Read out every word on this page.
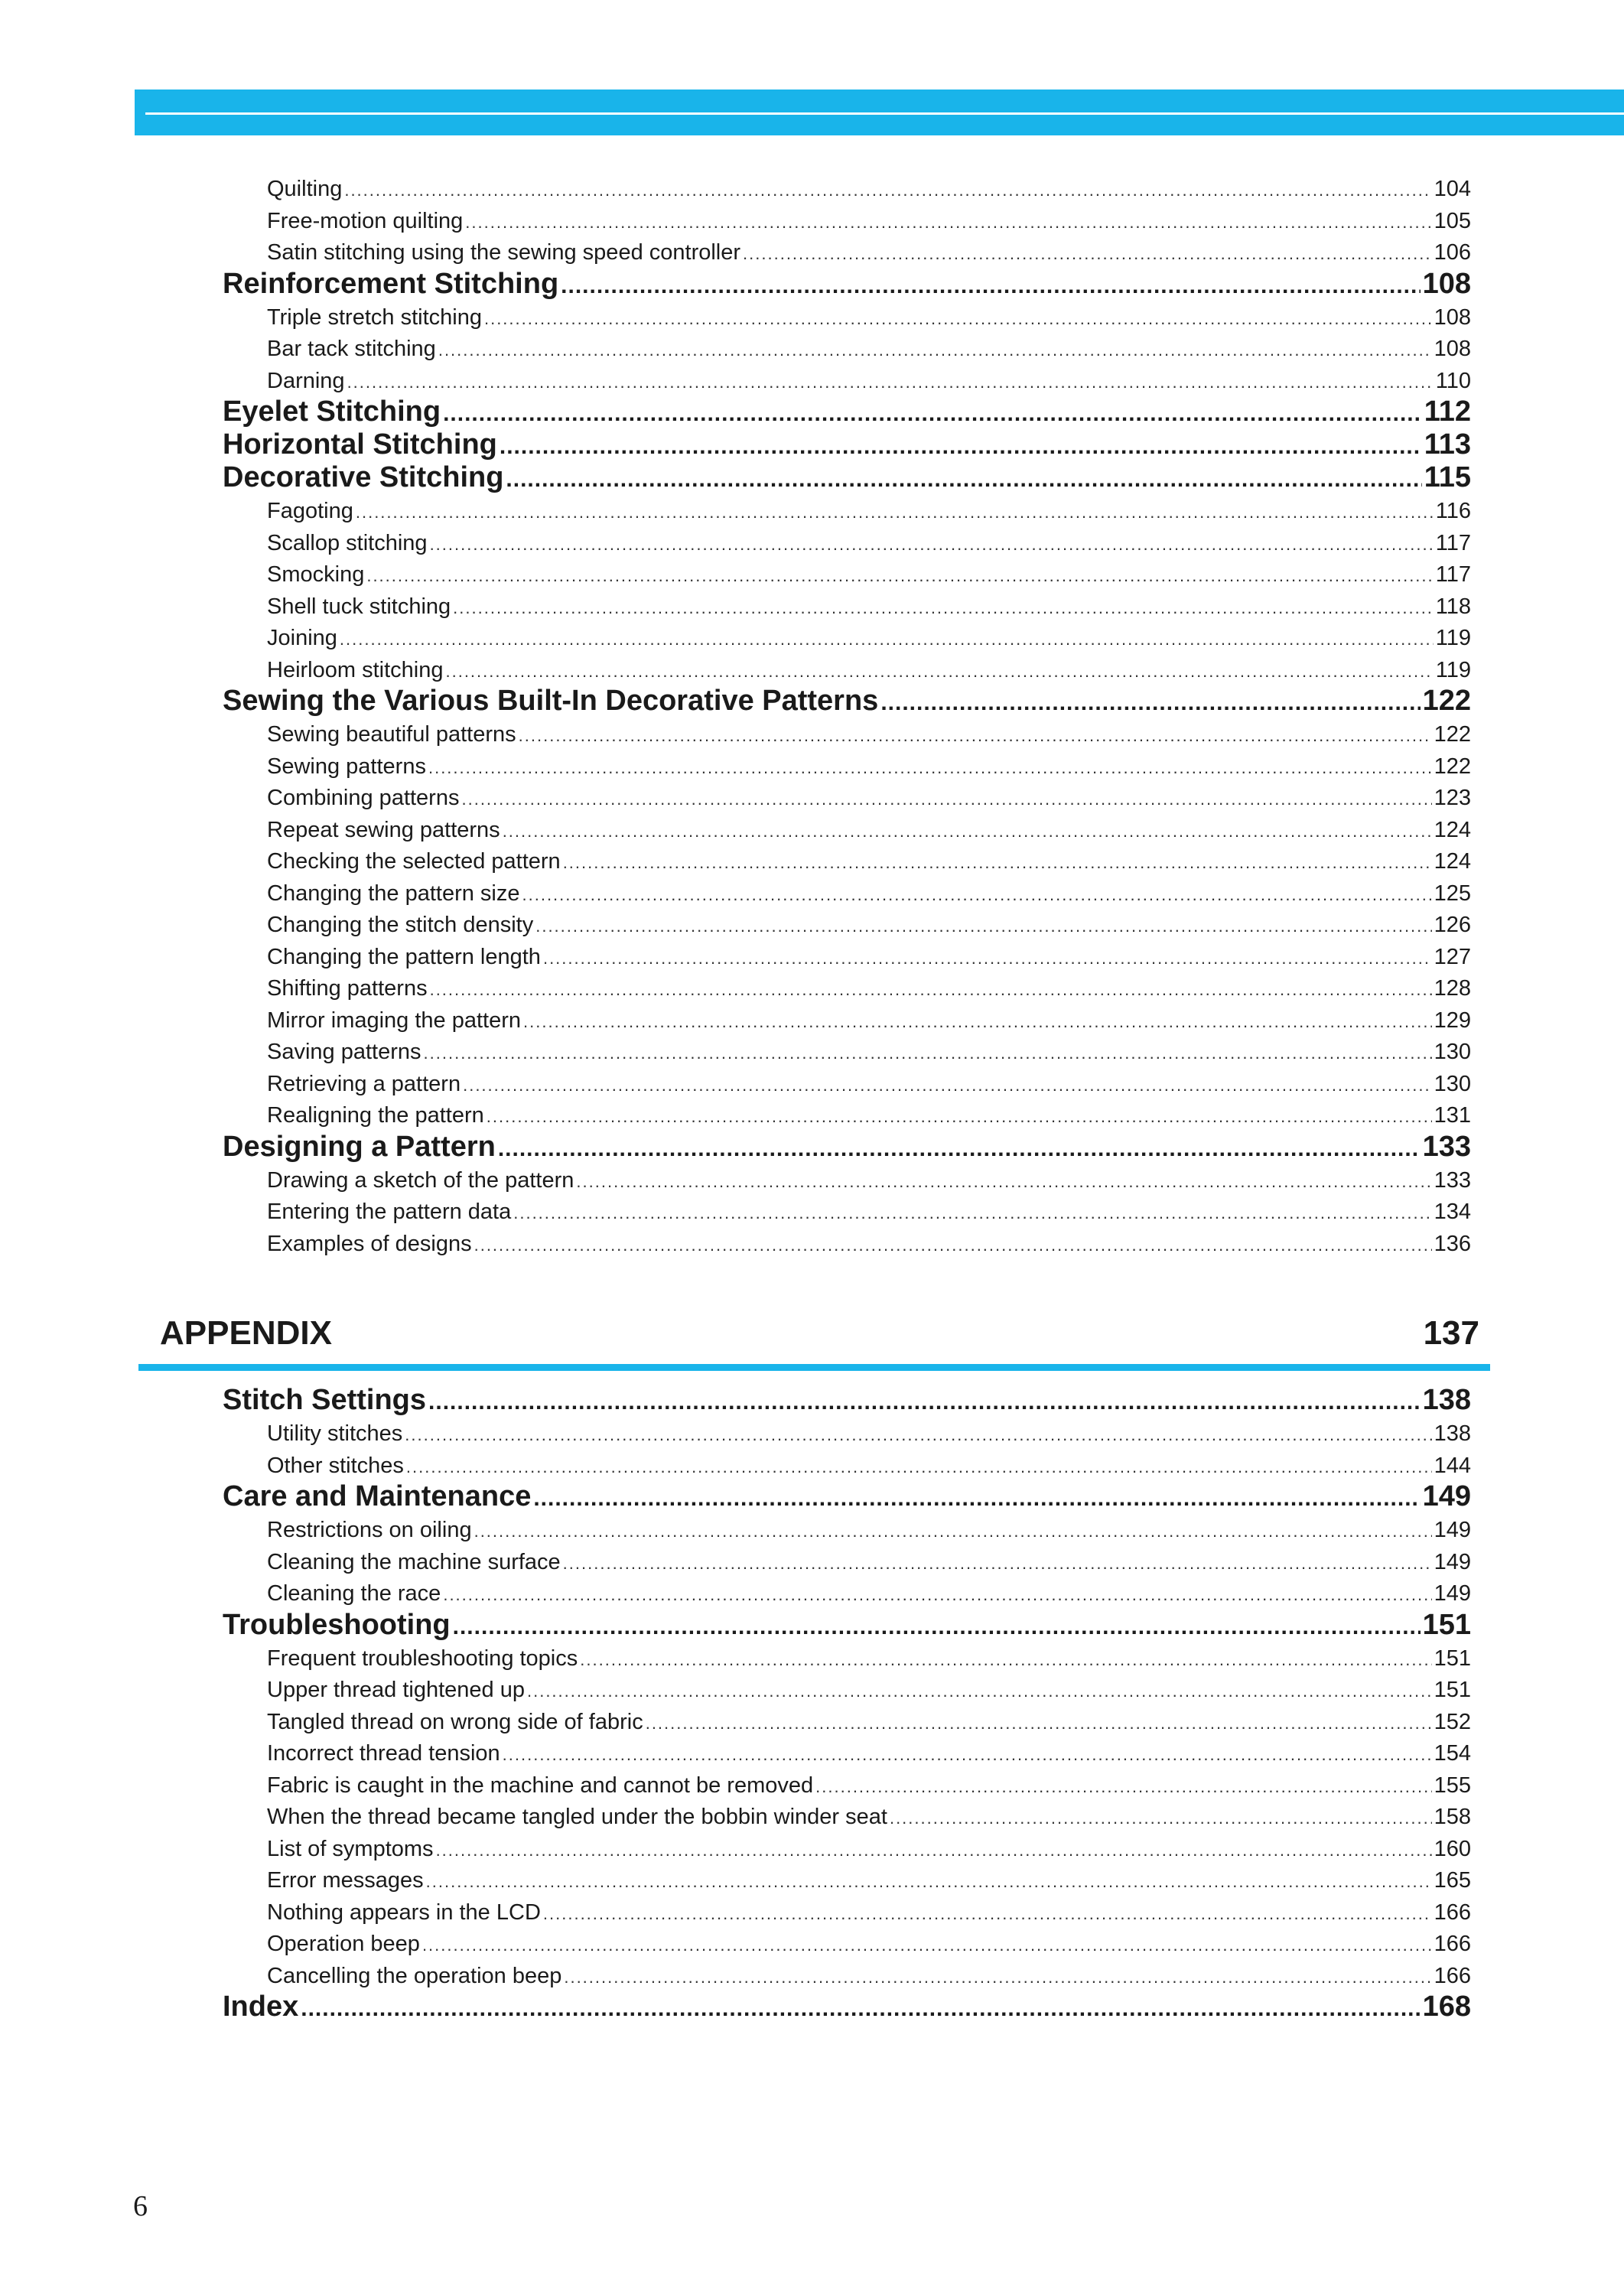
Quilting .....	104
Free-motion quilting .....	105
Satin stitching using the sewing speed controller .....	106
Reinforcement Stitching .....	108
Triple stretch stitching .....	108
Bar tack stitching .....	108
Darning .....	110
Eyelet Stitching .....	112
Horizontal Stitching .....	113
Decorative Stitching .....	115
Fagoting .....	116
Scallop stitching .....	117
Smocking .....	117
Shell tuck stitching .....	118
Joining .....	119
Heirloom stitching .....	119
Sewing the Various Built-In Decorative Patterns .....	122
Sewing beautiful patterns .....	122
Sewing patterns .....	122
Combining patterns .....	123
Repeat sewing patterns .....	124
Checking the selected pattern .....	124
Changing the pattern size .....	125
Changing the stitch density .....	126
Changing the pattern length .....	127
Shifting patterns .....	128
Mirror imaging the pattern .....	129
Saving patterns .....	130
Retrieving a pattern .....	130
Realigning the pattern .....	131
Designing a Pattern .....	133
Drawing a sketch of the pattern .....	133
Entering the pattern data .....	134
Examples of designs .....	136
Stitch Settings .....	138
Utility stitches .....	138
Other stitches .....	144
Care and Maintenance .....	149
Restrictions on oiling .....	149
Cleaning the machine surface .....	149
Cleaning the race .....	149
Troubleshooting .....	151
Frequent troubleshooting topics .....	151
Upper thread tightened up .....	151
Tangled thread on wrong side of fabric .....	152
Incorrect thread tension .....	154
Fabric is caught in the machine and cannot be removed .....	155
When the thread became tangled under the bobbin winder seat .....	158
List of symptoms .....	160
Error messages .....	165
Nothing appears in the LCD .....	166
Operation beep .....	166
Cancelling the operation beep .....	166
Index .....	168
APPENDIX	137
6
